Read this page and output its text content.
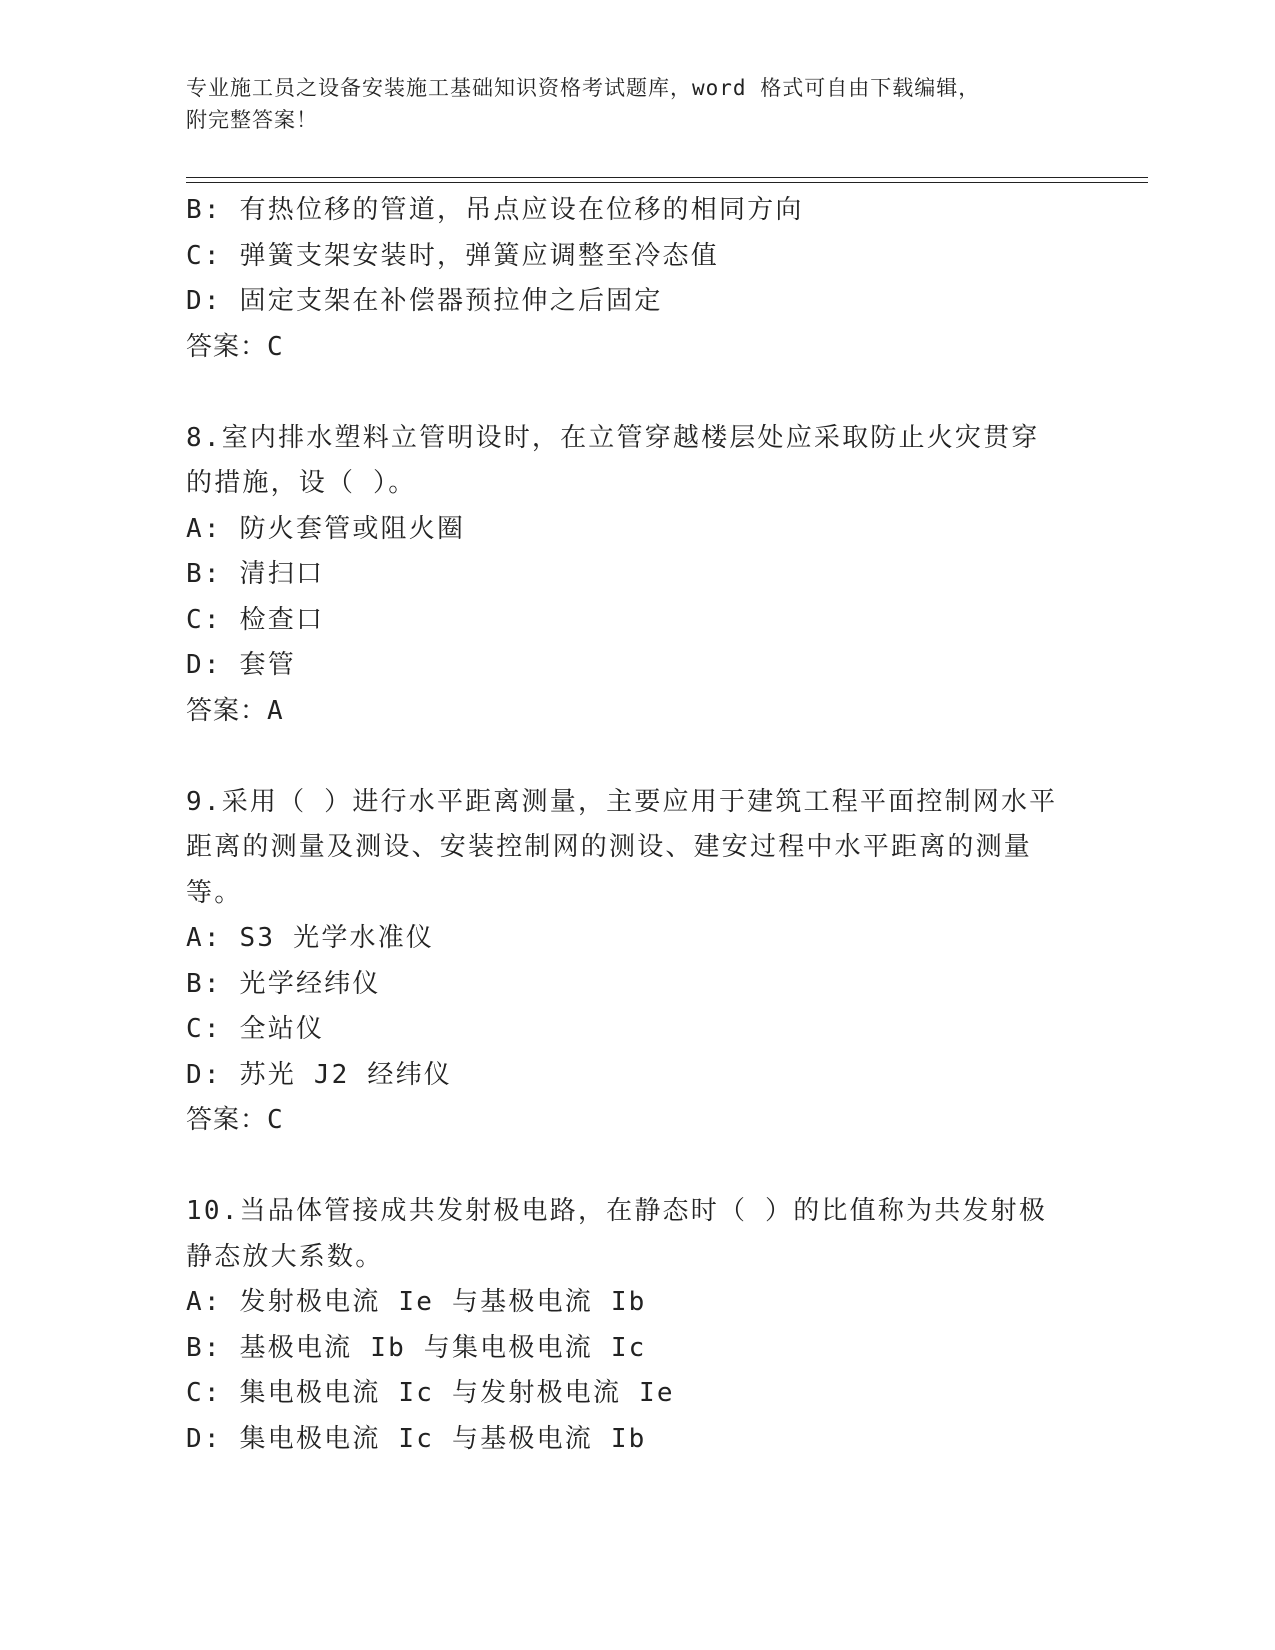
专业施工员之设备安装施工基础知识资格考试题库，word 格式可自由下载编辑，
附完整答案！
B: 有热位移的管道，吊点应设在位移的相同方向
C: 弹簧支架安装时，弹簧应调整至冷态值
D: 固定支架在补偿器预拉伸之后固定
答案：C
8.室内排水塑料立管明设时，在立管穿越楼层处应采取防止火灾贯穿
的措施，设（ ）。
A: 防火套管或阻火圈
B: 清扫口
C: 检查口
D: 套管
答案：A
9.采用（ ）进行水平距离测量，主要应用于建筑工程平面控制网水平
距离的测量及测设、安装控制网的测设、建安过程中水平距离的测量
等。
A: S3 光学水准仪
B: 光学经纬仪
C: 全站仪
D: 苏光 J2 经纬仪
答案：C
10.当品体管接成共发射极电路，在静态时（ ）的比值称为共发射极
静态放大系数。
A: 发射极电流 Ie 与基极电流 Ib
B: 基极电流 Ib 与集电极电流 Ic
C: 集电极电流 Ic 与发射极电流 Ie
D: 集电极电流 Ic 与基极电流 Ib
